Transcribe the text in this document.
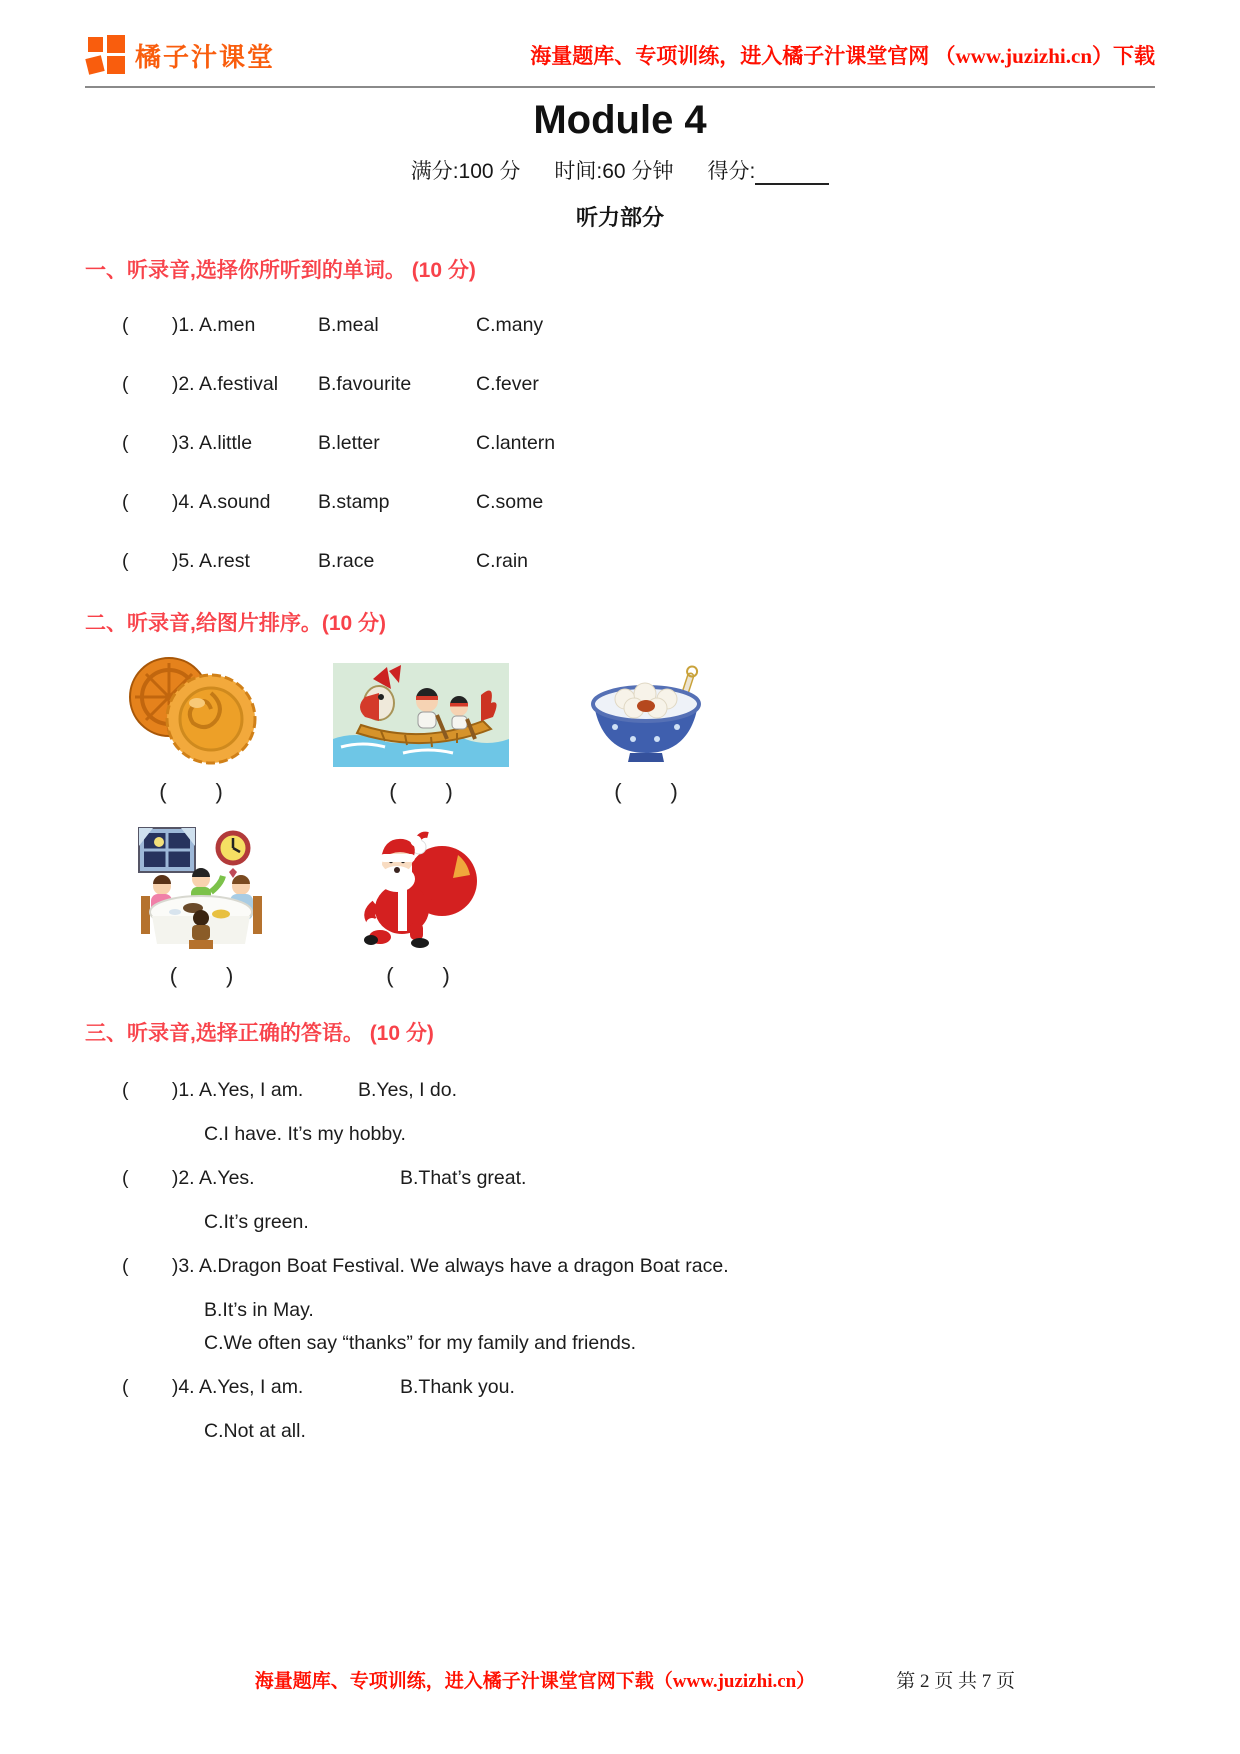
橘子汁课堂	海量题库、专项训练，进入橘子汁课堂官网 （www.juzizhi.cn）下载
Module 4
满分:100 分 时间:60 分钟 得分:
听力部分
一、听录音,选择你所听到的单词。 (10 分)
(        )1. A.men	B.meal	C.many
(        )2. A.festival	B.favourite	C.fever
(        )3. A.little	B.letter	C.lantern
(        )4. A.sound	B.stamp	C.some
(        )5. A.rest	B.race	C.rain
二、听录音,给图片排序。(10 分)
(        )	(        )	(        )
(        )	(        )
三、听录音,选择正确的答语。 (10 分)
(        )1. A.Yes, I am.	B.Yes, I do.
C.I have. It’s my hobby.
(        )2. A.Yes.	B.That’s great.
C.It’s green.
(        )3. A.Dragon Boat Festival. We always have a dragon Boat race.
B.It’s in May.
C.We often say “thanks” for my family and friends.
(        )4. A.Yes, I am.	B.Thank you.
C.Not at all.
海量题库、专项训练，进入橘子汁课堂官网下载（www.juzizhi.cn）	第 2 页 共 7 页
